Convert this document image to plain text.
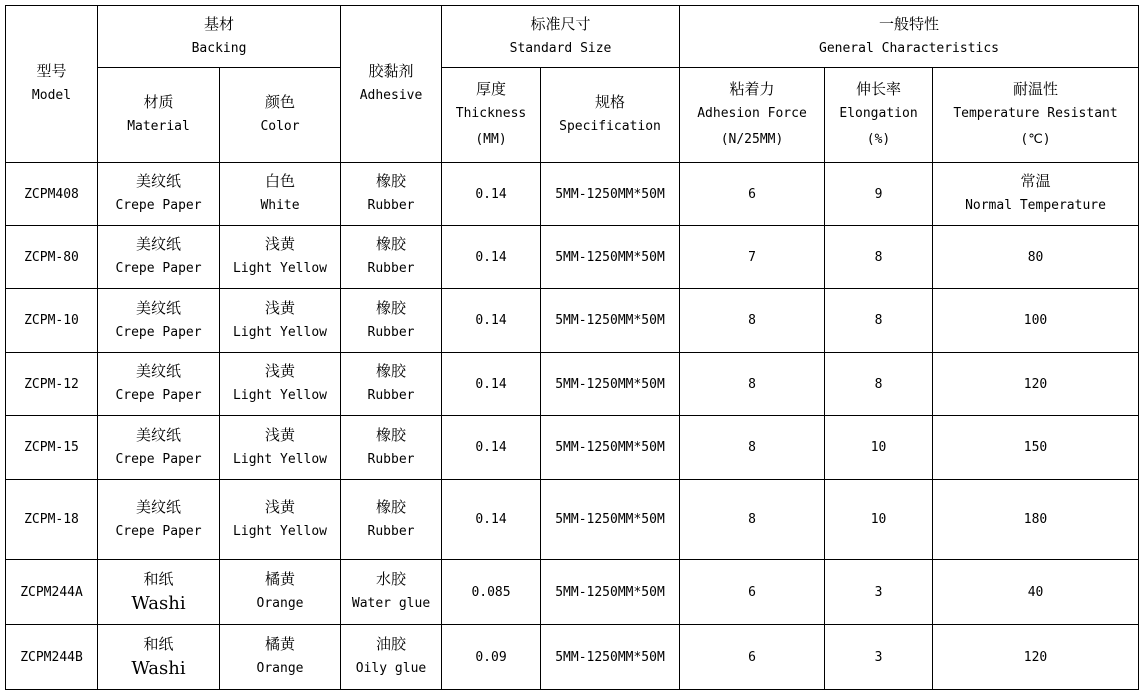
型号
Model	基材
Backing		胶黏剂
Adhesive	标准尺寸
Standard Size		一般特性
General Characteristics		

	材质
Material	颜色
Color		厚度
Thickness
(MM)	规格
Specification	粘着力
Adhesion Force
(N/25MM)	伸长率
Elongation
(%)	耐温性
Temperature Resistant
(℃)

ZCPM408	美纹纸
Crepe Paper	白色
White	橡胶
Rubber	0.14	5MM-1250MM*50M	6	9	常温
Normal Temperature

ZCPM-80	美纹纸
Crepe Paper	浅黄
Light Yellow	橡胶
Rubber	0.14	5MM-1250MM*50M	7	8	80

ZCPM-10	美纹纸
Crepe Paper	浅黄
Light Yellow	橡胶
Rubber	0.14	5MM-1250MM*50M	8	8	100

ZCPM-12	美纹纸
Crepe Paper	浅黄
Light Yellow	橡胶
Rubber	0.14	5MM-1250MM*50M	8	8	120

ZCPM-15	美纹纸
Crepe Paper	浅黄
Light Yellow	橡胶
Rubber	0.14	5MM-1250MM*50M	8	10	150

ZCPM-18	美纹纸
Crepe Paper	浅黄
Light Yellow	橡胶
Rubber	0.14	5MM-1250MM*50M	8	10	180

ZCPM244A	和纸
Washi	橘黄
Orange	水胶
Water glue	0.085	5MM-1250MM*50M	6	3	40

ZCPM244B	和纸
Washi	橘黄
Orange	油胶
Oily glue	0.09	5MM-1250MM*50M	6	3	120
